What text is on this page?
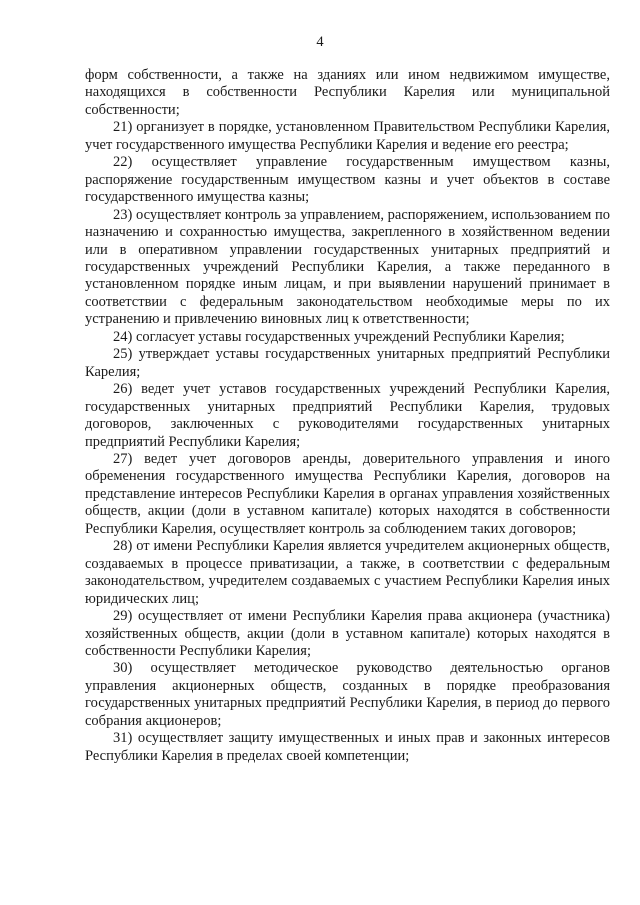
4

форм собственности, а также на зданиях или ином недвижимом имуществе, находящихся в собственности Республики Карелия или муниципальной собственности;

21) организует в порядке, установленном Правительством Республики Карелия, учет государственного имущества Республики Карелия и ведение его реестра;

22) осуществляет управление государственным имуществом казны, распоряжение государственным имуществом казны и учет объектов в составе государственного имущества казны;

23) осуществляет контроль за управлением, распоряжением, использованием по назначению и сохранностью имущества, закрепленного в хозяйственном ведении или в оперативном управлении государственных унитарных предприятий и государственных учреждений Республики Карелия, а также переданного в установленном порядке иным лицам, и при выявлении нарушений принимает в соответствии с федеральным законодательством необходимые меры по их устранению и привлечению виновных лиц к ответственности;

24) согласует уставы государственных учреждений Республики Карелия;

25) утверждает уставы государственных унитарных предприятий Республики Карелия;

26) ведет учет уставов государственных учреждений Республики Карелия, государственных унитарных предприятий Республики Карелия, трудовых договоров, заключенных с руководителями государственных унитарных предприятий Республики Карелия;

27) ведет учет договоров аренды, доверительного управления и иного обременения государственного имущества Республики Карелия, договоров на представление интересов Республики Карелия в органах управления хозяйственных обществ, акции (доли в уставном капитале) которых находятся в собственности Республики Карелия, осуществляет контроль за соблюдением таких договоров;

28) от имени Республики Карелия является учредителем акционерных обществ, создаваемых в процессе приватизации, а также, в соответствии с федеральным законодательством, учредителем создаваемых с участием Республики Карелия иных юридических лиц;

29) осуществляет от имени Республики Карелия права акционера (участника) хозяйственных обществ, акции (доли в уставном капитале) которых находятся в собственности Республики Карелия;

30) осуществляет методическое руководство деятельностью органов управления акционерных обществ, созданных в порядке преобразования государственных унитарных предприятий Республики Карелия, в период до первого собрания акционеров;

31) осуществляет защиту имущественных и иных прав и законных интересов Республики Карелия в пределах своей компетенции;
